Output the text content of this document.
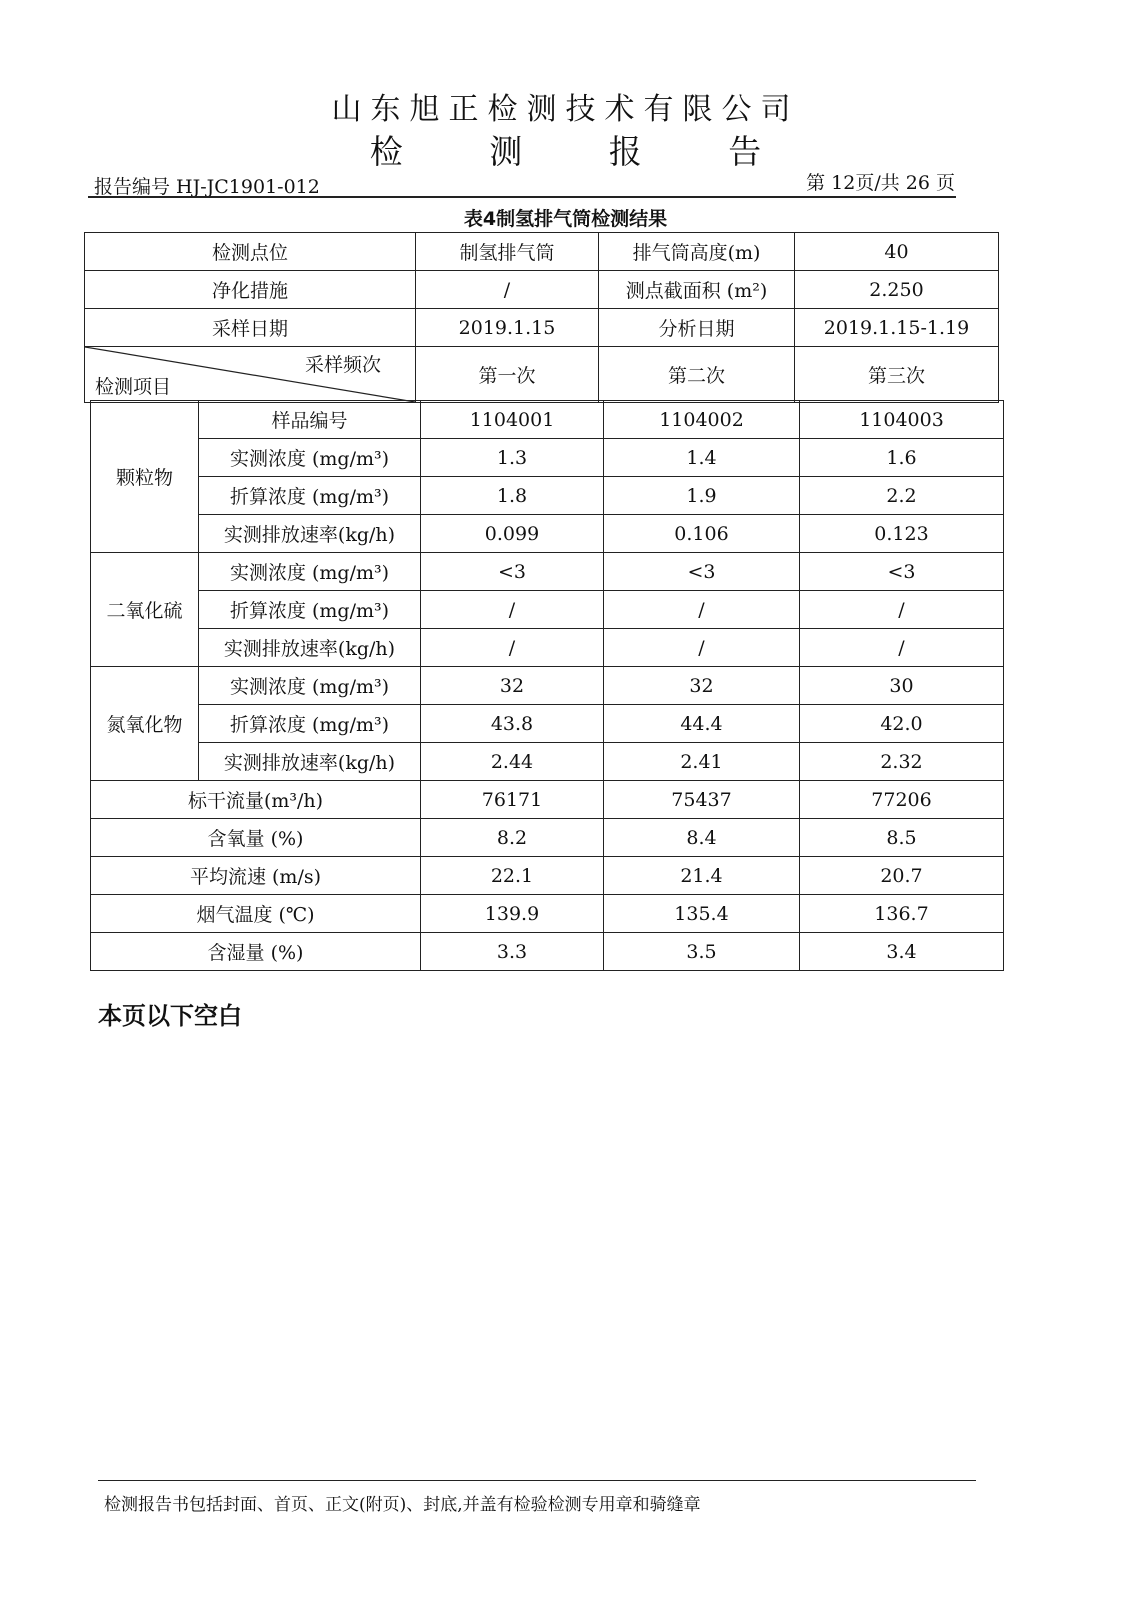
山东旭正检测技术有限公司
检 测 报 告
报告编号 HJ-JC1901-012	第 12页/共 26 页
表4制氢排气筒检测结果
检测点位	制氢排气筒	排气筒高度(m)	40
净化措施	/	测点截面积 (m²)	2.250
采样日期	2019.1.15	分析日期	2019.1.15-1.19

采样频次
检测项目	第一次	第二次	第三次
颗粒物	样品编号	1104001	1104002	1104003
	实测浓度 (mg/m³)	1.3	1.4	1.6
	折算浓度 (mg/m³)	1.8	1.9	2.2
	实测排放速率(kg/h)	0.099	0.106	0.123
二氧化硫	实测浓度 (mg/m³)	<3	<3	<3
	折算浓度 (mg/m³)	/	/	/
	实测排放速率(kg/h)	/	/	/
氮氧化物	实测浓度 (mg/m³)	32	32	30
	折算浓度 (mg/m³)	43.8	44.4	42.0
	实测排放速率(kg/h)	2.44	2.41	2.32
标干流量(m³/h)		76171	75437	77206
含氧量 (%)		8.2	8.4	8.5
平均流速 (m/s)		22.1	21.4	20.7
烟气温度 (℃)		139.9	135.4	136.7
含湿量 (%)		3.3	3.5	3.4
本页以下空白
检测报告书包括封面、首页、正文(附页)、封底,并盖有检验检测专用章和骑缝章
